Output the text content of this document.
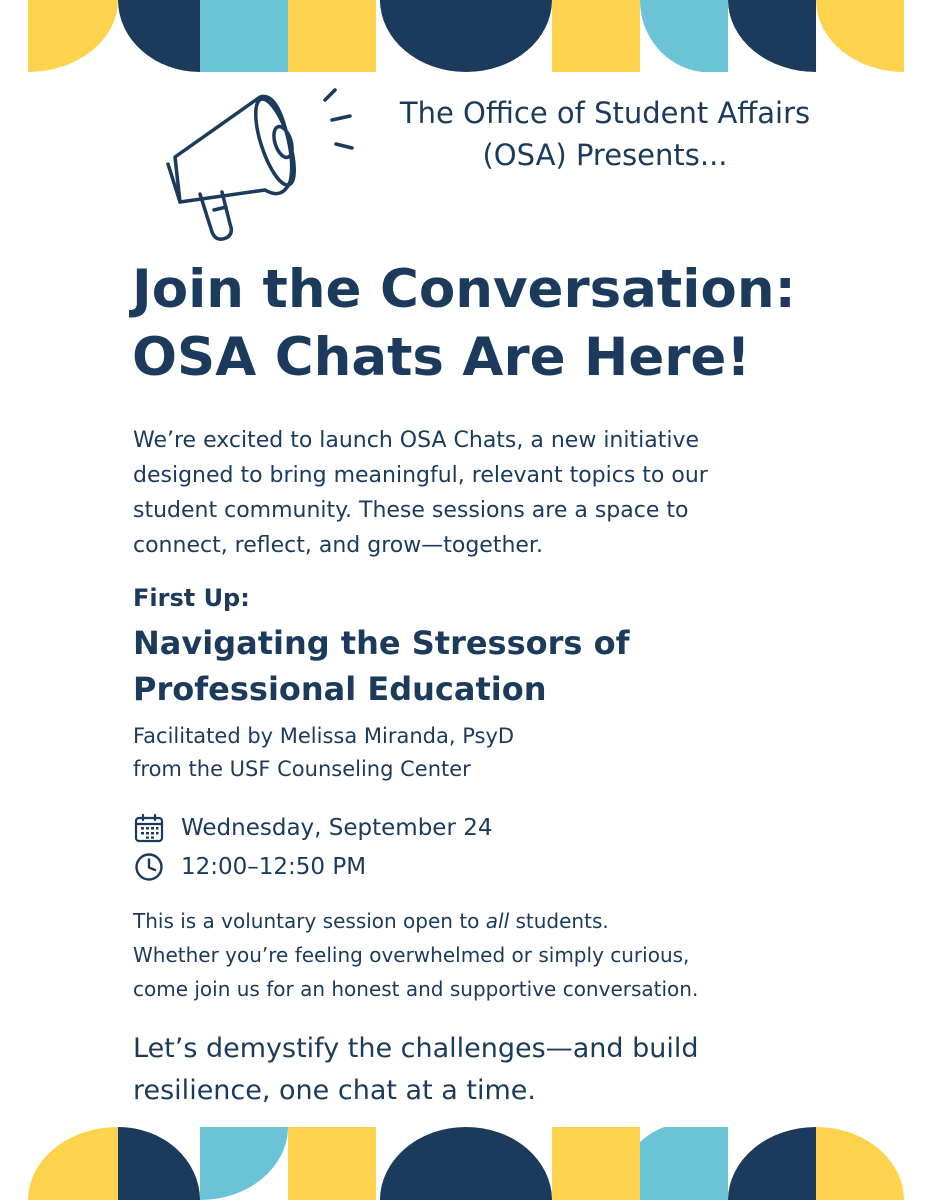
The Office of Student Affairs
(OSA) Presents...
Join the Conversation:
OSA Chats Are Here!
We’re excited to launch OSA Chats, a new initiative
designed to bring meaningful, relevant topics to our
student community. These sessions are a space to
connect, reflect, and grow—together.
First Up:
Navigating the Stressors of
Professional Education
Facilitated by Melissa Miranda, PsyD
from the USF Counseling Center
Wednesday, September 24
12:00–12:50 PM
This is a voluntary session open to all students.
Whether you’re feeling overwhelmed or simply curious,
come join us for an honest and supportive conversation.
Let’s demystify the challenges—and build
resilience, one chat at a time.
